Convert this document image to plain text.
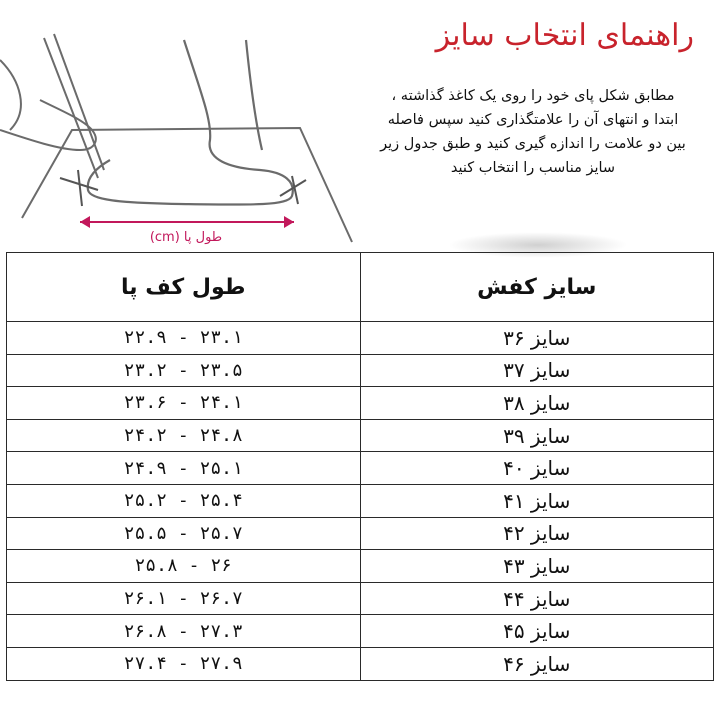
طول پا (cm)
راهنمای انتخاب سایز
مطابق شکل پای خود را روی یک کاغذ گذاشته ،
ابتدا و انتهای آن را علامتگذاری کنید سپس فاصله
بین دو علامت را اندازه گیری کنید و طبق جدول زیر
سایز مناسب را انتخاب کنید
سایز کفش	طول کف پا
سایز ۳۶	۲۲.۹ - ۲۳.۱
سایز ۳۷	۲۳.۲ - ۲۳.۵
سایز ۳۸	۲۳.۶ - ۲۴.۱
سایز ۳۹	۲۴.۲ - ۲۴.۸
سایز ۴۰	۲۴.۹ - ۲۵.۱
سایز ۴۱	۲۵.۲ - ۲۵.۴
سایز ۴۲	۲۵.۵ - ۲۵.۷
سایز ۴۳	۲۵.۸ - ۲۶
سایز ۴۴	۲۶.۱ - ۲۶.۷
سایز ۴۵	۲۶.۸ - ۲۷.۳
سایز ۴۶	۲۷.۴ - ۲۷.۹
